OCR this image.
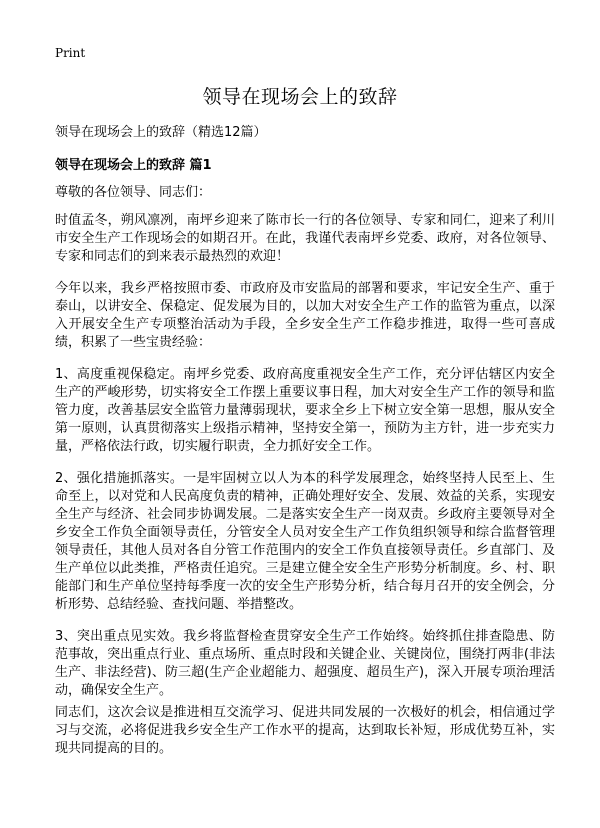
Print
领导在现场会上的致辞

领导在现场会上的致辞（精选12篇）

领导在现场会上的致辞 篇1

尊敬的各位领导、同志们：

时值孟冬，朔风凛冽，南坪乡迎来了陈市长一行的各位领导、专家和同仁，迎来了利川市安全生产工作现场会的如期召开。在此，我谨代表南坪乡党委、政府，对各位领导、专家和同志们的到来表示最热烈的欢迎！

今年以来，我乡严格按照市委、市政府及市安监局的部署和要求，牢记安全生产、重于泰山，以讲安全、保稳定、促发展为目的，以加大对安全生产工作的监管为重点，以深入开展安全生产专项整治活动为手段，全乡安全生产工作稳步推进，取得一些可喜成绩，积累了一些宝贵经验：

1、高度重视保稳定。南坪乡党委、政府高度重视安全生产工作，充分评估辖区内安全生产的严峻形势，切实将安全工作摆上重要议事日程，加大对安全生产工作的领导和监管力度，改善基层安全监管力量薄弱现状，要求全乡上下树立安全第一思想，服从安全第一原则，认真贯彻落实上级指示精神，坚持安全第一，预防为主方针，进一步充实力量，严格依法行政，切实履行职责，全力抓好安全工作。

2、强化措施抓落实。一是牢固树立以人为本的科学发展理念，始终坚持人民至上、生命至上，以对党和人民高度负责的精神，正确处理好安全、发展、效益的关系，实现安全生产与经济、社会同步协调发展。二是落实安全生产一岗双责。乡政府主要领导对全乡安全工作负全面领导责任，分管安全人员对安全生产工作负组织领导和综合监督管理领导责任，其他人员对各自分管工作范围内的安全工作负直接领导责任。乡直部门、及生产单位以此类推，严格责任追究。三是建立健全安全生产形势分析制度。乡、村、职能部门和生产单位坚持每季度一次的安全生产形势分析，结合每月召开的安全例会，分析形势、总结经验、查找问题、举措整改。

3、突出重点见实效。我乡将监督检查贯穿安全生产工作始终。始终抓住排查隐患、防范事故，突出重点行业、重点场所、重点时段和关键企业、关键岗位，围绕打两非(非法生产、非法经营)、防三超(生产企业超能力、超强度、超员生产)，深入开展专项治理活动，确保安全生产。

同志们，这次会议是推进相互交流学习、促进共同发展的一次极好的机会，相信通过学习与交流，必将促进我乡安全生产工作水平的提高，达到取长补短，形成优势互补，实现共同提高的目的。
